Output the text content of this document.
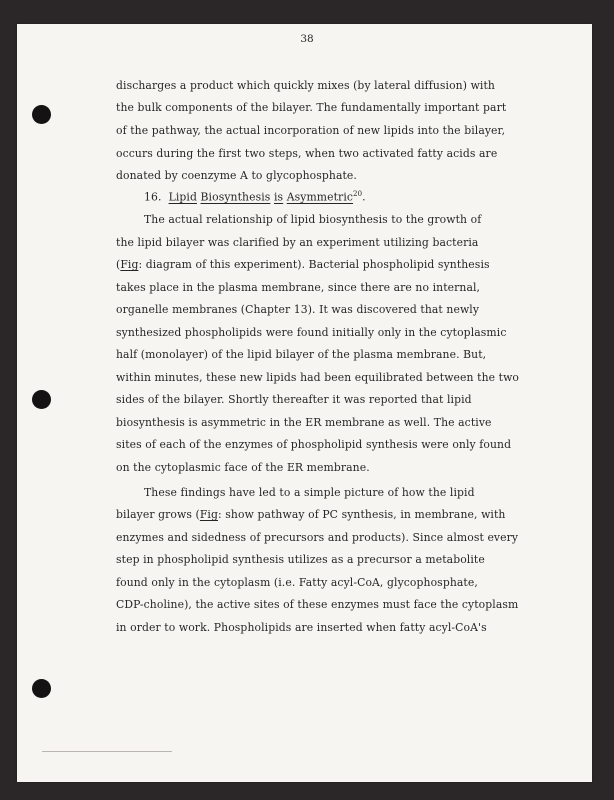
38
discharges a product which quickly mixes (by lateral diffusion) with
the bulk components of the bilayer. The fundamentally important part
of the pathway, the actual incorporation of new lipids into the bilayer,
occurs during the first two steps, when two activated fatty acids are
donated by coenzyme A to glycophosphate.
16. Lipid Biosynthesis is Asymmetric$^{20}$.
The actual relationship of lipid biosynthesis to the growth of
the lipid bilayer was clarified by an experiment utilizing bacteria
(Fig: diagram of this experiment). Bacterial phospholipid synthesis
takes place in the plasma membrane, since there are no internal,
organelle membranes (Chapter 13). It was discovered that newly
synthesized phospholipids were found initially only in the cytoplasmic
half (monolayer) of the lipid bilayer of the plasma membrane. But,
within minutes, these new lipids had been equilibrated between the two
sides of the bilayer. Shortly thereafter it was reported that lipid
biosynthesis is asymmetric in the ER membrane as well. The active
sites of each of the enzymes of phospholipid synthesis were only found
on the cytoplasmic face of the ER membrane.
These findings have led to a simple picture of how the lipid
bilayer grows (Fig: show pathway of PC synthesis, in membrane, with
enzymes and sidedness of precursors and products). Since almost every
step in phospholipid synthesis utilizes as a precursor a metabolite
found only in the cytoplasm (i.e. Fatty acyl-CoA, glycophosphate,
CDP-choline), the active sites of these enzymes must face the cytoplasm
in order to work. Phospholipids are inserted when fatty acyl-CoA's
